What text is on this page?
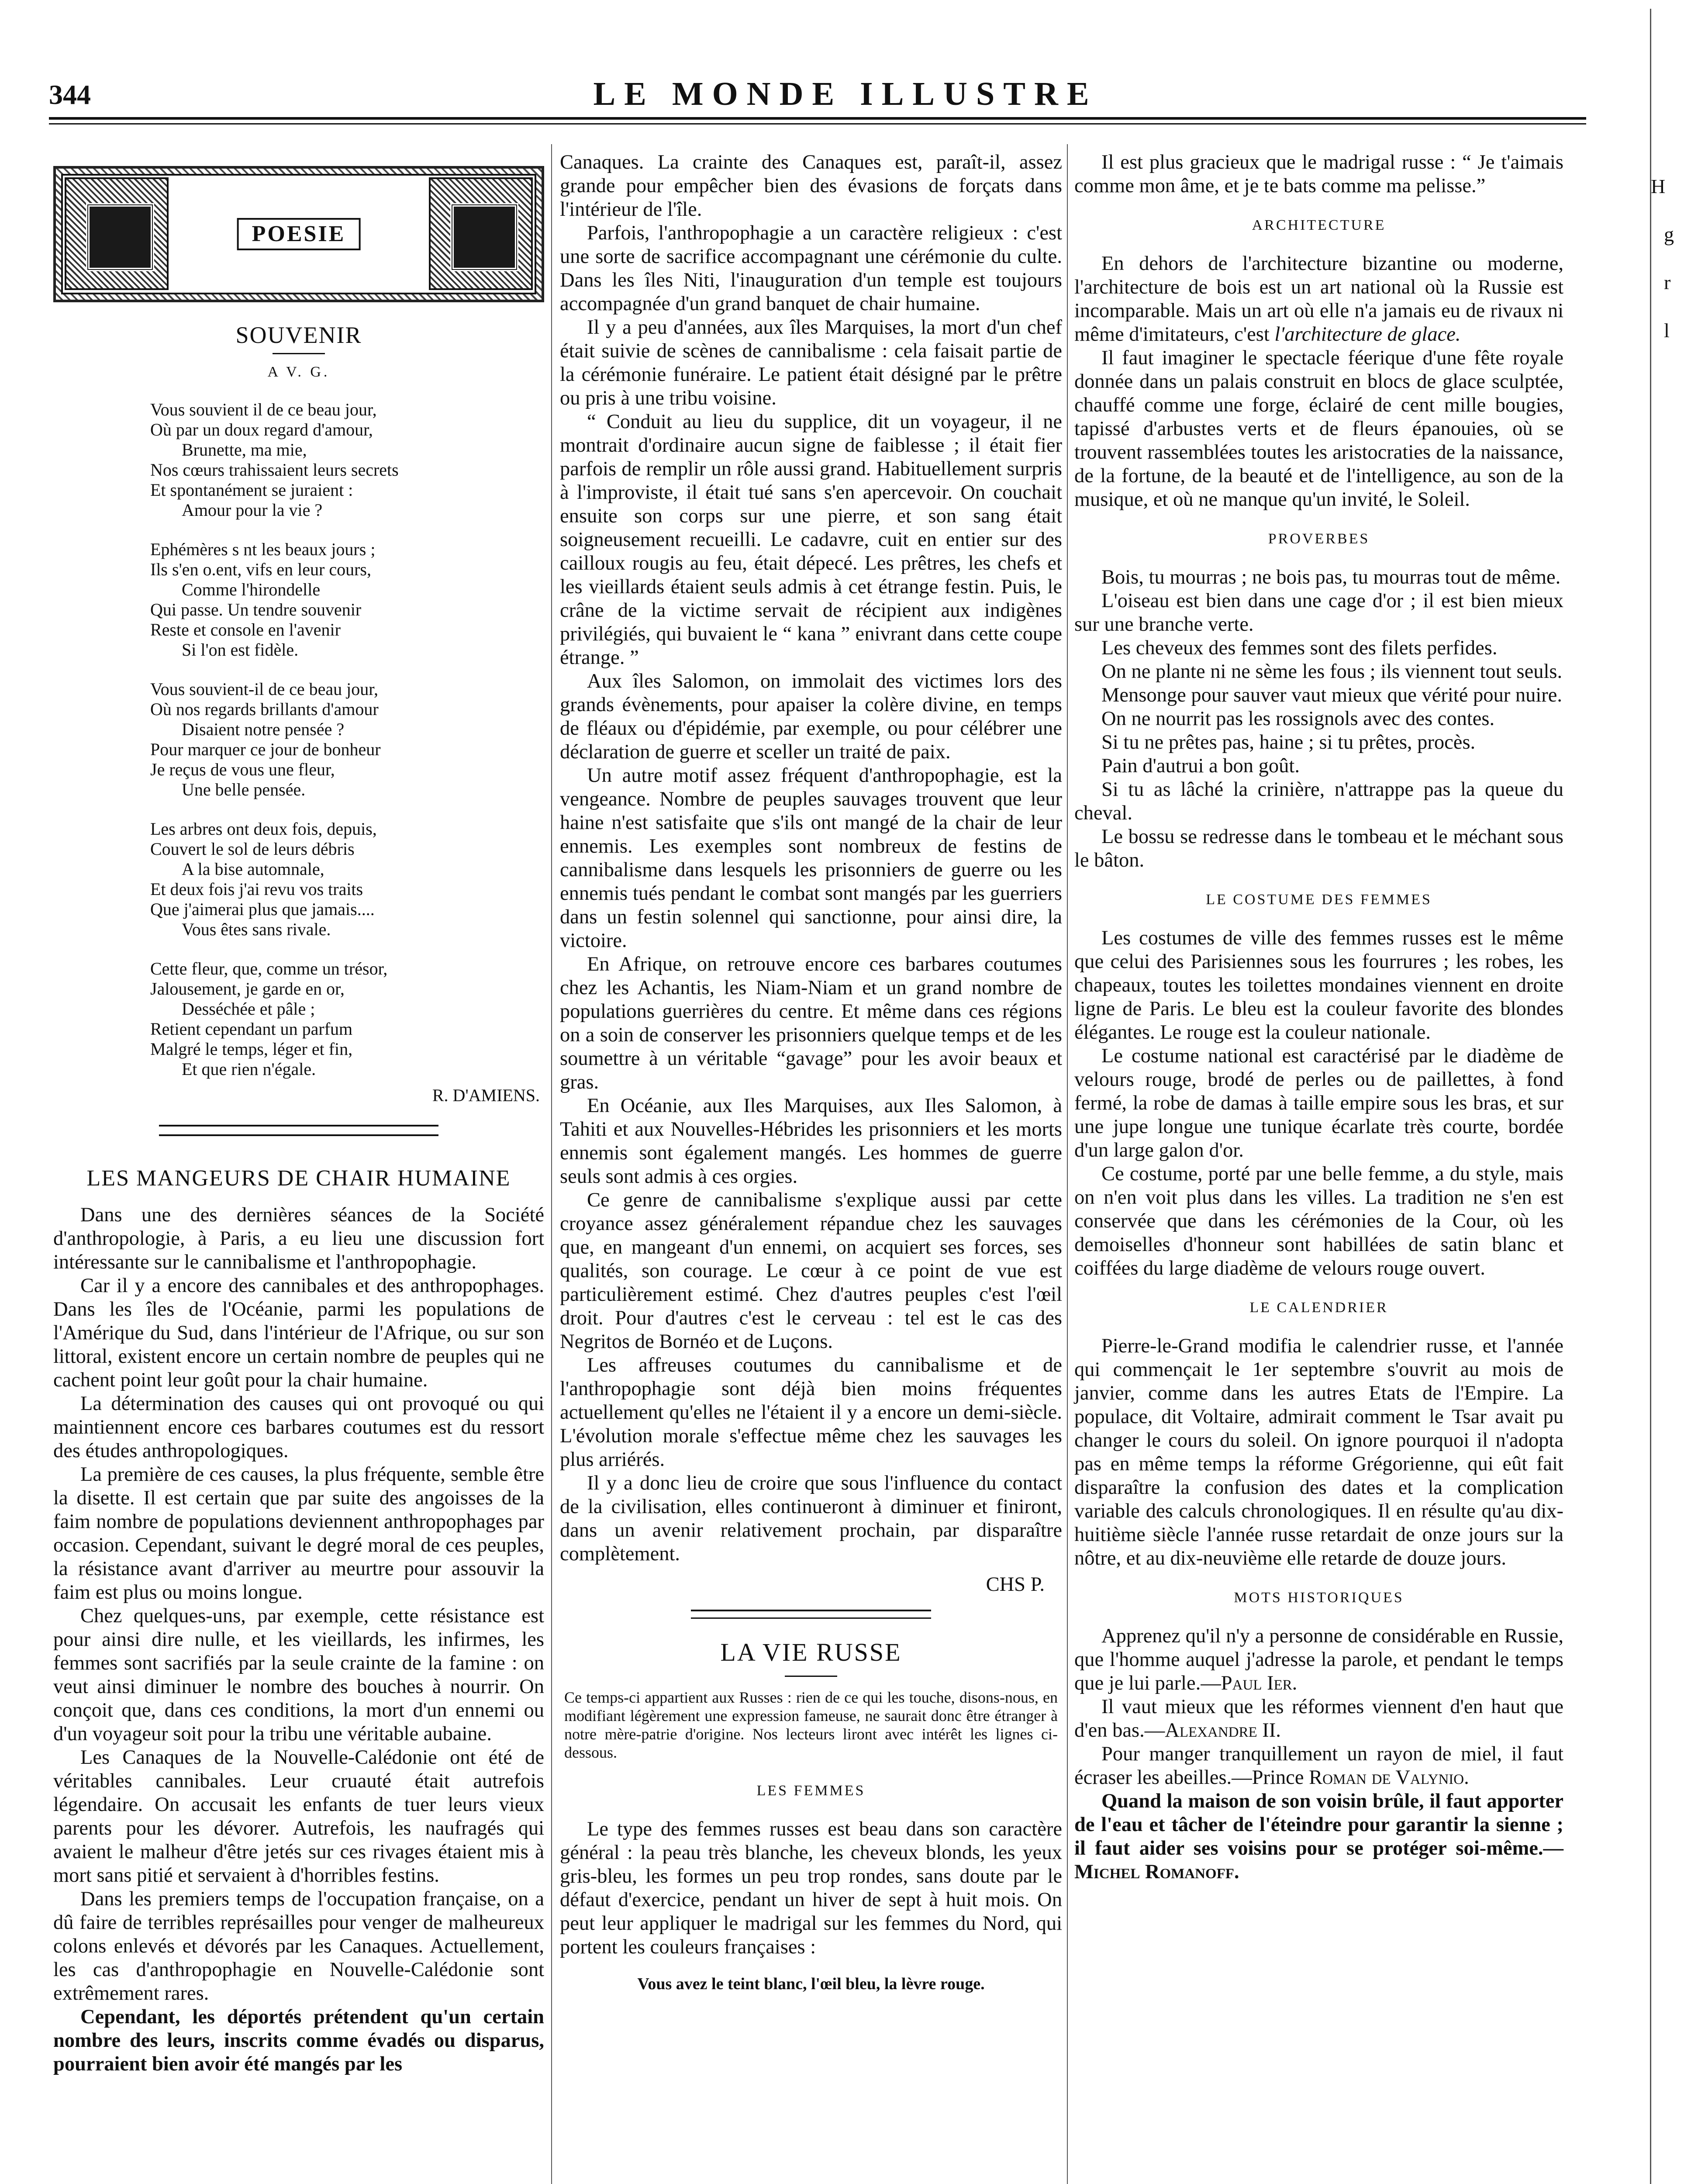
344	LE MONDE ILLUSTRE
POESIE
SOUVENIR
A V. G.
Vous souvient il de ce beau jour,
Où par un doux regard d'amour,
Brunette, ma mie,
Nos cœurs trahissaient leurs secrets
Et spontanément se juraient :
Amour pour la vie ?
Ephémères s nt les beaux jours ;
Ils s'en o.ent, vifs en leur cours,
Comme l'hirondelle
Qui passe. Un tendre souvenir
Reste et console en l'avenir
Si l'on est fidèle.
Vous souvient-il de ce beau jour,
Où nos regards brillants d'amour
Disaient notre pensée ?
Pour marquer ce jour de bonheur
Je reçus de vous une fleur,
Une belle pensée.
Les arbres ont deux fois, depuis,
Couvert le sol de leurs débris
A la bise automnale,
Et deux fois j'ai revu vos traits
Que j'aimerai plus que jamais....
Vous êtes sans rivale.
Cette fleur, que, comme un trésor,
Jalousement, je garde en or,
Desséchée et pâle ;
Retient cependant un parfum
Malgré le temps, léger et fin,
Et que rien n'égale.
R. D'AMIENS.
LES MANGEURS DE CHAIR HUMAINE

Dans une des dernières séances de la Société d'anthropologie, à Paris, a eu lieu une discussion fort intéressante sur le cannibalisme et l'anthropophagie.

Car il y a encore des cannibales et des anthropophages. Dans les îles de l'Océanie, parmi les populations de l'Amérique du Sud, dans l'intérieur de l'Afrique, ou sur son littoral, existent encore un certain nombre de peuples qui ne cachent point leur goût pour la chair humaine.

La détermination des causes qui ont provoqué ou qui maintiennent encore ces barbares coutumes est du ressort des études anthropologiques.

La première de ces causes, la plus fréquente, semble être la disette. Il est certain que par suite des angoisses de la faim nombre de populations deviennent anthropophages par occasion. Cependant, suivant le degré moral de ces peuples, la résistance avant d'arriver au meurtre pour assouvir la faim est plus ou moins longue.

Chez quelques-uns, par exemple, cette résistance est pour ainsi dire nulle, et les vieillards, les infirmes, les femmes sont sacrifiés par la seule crainte de la famine : on veut ainsi diminuer le nombre des bouches à nourrir. On conçoit que, dans ces conditions, la mort d'un ennemi ou d'un voyageur soit pour la tribu une véritable aubaine.

Les Canaques de la Nouvelle-Calédonie ont été de véritables cannibales. Leur cruauté était autrefois légendaire. On accusait les enfants de tuer leurs vieux parents pour les dévorer. Autrefois, les naufragés qui avaient le malheur d'être jetés sur ces rivages étaient mis à mort sans pitié et servaient à d'horribles festins.

Dans les premiers temps de l'occupation française, on a dû faire de terribles représailles pour venger de malheureux colons enlevés et dévorés par les Canaques. Actuellement, les cas d'anthropophagie en Nouvelle-Calédonie sont extrêmement rares.

Cependant, les déportés prétendent qu'un certain nombre des leurs, inscrits comme évadés ou disparus, pourraient bien avoir été mangés par les

Canaques. La crainte des Canaques est, paraît-il, assez grande pour empêcher bien des évasions de forçats dans l'intérieur de l'île.

Parfois, l'anthropophagie a un caractère religieux : c'est une sorte de sacrifice accompagnant une cérémonie du culte. Dans les îles Niti, l'inauguration d'un temple est toujours accompagnée d'un grand banquet de chair humaine.

Il y a peu d'années, aux îles Marquises, la mort d'un chef était suivie de scènes de cannibalisme : cela faisait partie de la cérémonie funéraire. Le patient était désigné par le prêtre ou pris à une tribu voisine.

“ Conduit au lieu du supplice, dit un voyageur, il ne montrait d'ordinaire aucun signe de faiblesse ; il était fier parfois de remplir un rôle aussi grand. Habituellement surpris à l'improviste, il était tué sans s'en apercevoir. On couchait ensuite son corps sur une pierre, et son sang était soigneusement recueilli. Le cadavre, cuit en entier sur des cailloux rougis au feu, était dépecé. Les prêtres, les chefs et les vieillards étaient seuls admis à cet étrange festin. Puis, le crâne de la victime servait de récipient aux indigènes privilégiés, qui buvaient le “ kana ” enivrant dans cette coupe étrange. ”

Aux îles Salomon, on immolait des victimes lors des grands évènements, pour apaiser la colère divine, en temps de fléaux ou d'épidémie, par exemple, ou pour célébrer une déclaration de guerre et sceller un traité de paix.

Un autre motif assez fréquent d'anthropophagie, est la vengeance. Nombre de peuples sauvages trouvent que leur haine n'est satisfaite que s'ils ont mangé de la chair de leur ennemis. Les exemples sont nombreux de festins de cannibalisme dans lesquels les prisonniers de guerre ou les ennemis tués pendant le combat sont mangés par les guerriers dans un festin solennel qui sanctionne, pour ainsi dire, la victoire.

En Afrique, on retrouve encore ces barbares coutumes chez les Achantis, les Niam-Niam et un grand nombre de populations guerrières du centre. Et même dans ces régions on a soin de conserver les prisonniers quelque temps et de les soumettre à un véritable “gavage” pour les avoir beaux et gras.

En Océanie, aux Iles Marquises, aux Iles Salomon, à Tahiti et aux Nouvelles-Hébrides les prisonniers et les morts ennemis sont également mangés. Les hommes de guerre seuls sont admis à ces orgies.

Ce genre de cannibalisme s'explique aussi par cette croyance assez généralement répandue chez les sauvages que, en mangeant d'un ennemi, on acquiert ses forces, ses qualités, son courage. Le cœur à ce point de vue est particulièrement estimé. Chez d'autres peuples c'est l'œil droit. Pour d'autres c'est le cerveau : tel est le cas des Negritos de Bornéo et de Luçons.

Les affreuses coutumes du cannibalisme et de l'anthropophagie sont déjà bien moins fréquentes actuellement qu'elles ne l'étaient il y a encore un demi-siècle. L'évolution morale s'effectue même chez les sauvages les plus arriérés.

Il y a donc lieu de croire que sous l'influence du contact de la civilisation, elles continueront à diminuer et finiront, dans un avenir relativement prochain, par disparaître complètement.

CHS P.
LA VIE RUSSE
Ce temps-ci appartient aux Russes : rien de ce qui les touche, disons-nous, en modifiant légèrement une expression fameuse, ne saurait donc être étranger à notre mère-patrie d'origine. Nos lecteurs liront avec intérêt les lignes ci-dessous.
LES FEMMES

Le type des femmes russes est beau dans son caractère général : la peau très blanche, les cheveux blonds, les yeux gris-bleu, les formes un peu trop rondes, sans doute par le défaut d'exercice, pendant un hiver de sept à huit mois. On peut leur appliquer le madrigal sur les femmes du Nord, qui portent les couleurs françaises :

Vous avez le teint blanc, l'œil bleu, la lèvre rouge.

Il est plus gracieux que le madrigal russe : “ Je t'aimais comme mon âme, et je te bats comme ma pelisse.”

ARCHITECTURE

En dehors de l'architecture bizantine ou moderne, l'architecture de bois est un art national où la Russie est incomparable. Mais un art où elle n'a jamais eu de rivaux ni même d'imitateurs, c'est l'architecture de glace.

Il faut imaginer le spectacle féerique d'une fête royale donnée dans un palais construit en blocs de glace sculptée, chauffé comme une forge, éclairé de cent mille bougies, tapissé d'arbustes verts et de fleurs épanouies, où se trouvent rassemblées toutes les aristocraties de la naissance, de la fortune, de la beauté et de l'intelligence, au son de la musique, et où ne manque qu'un invité, le Soleil.

PROVERBES

Bois, tu mourras ; ne bois pas, tu mourras tout de même.

L'oiseau est bien dans une cage d'or ; il est bien mieux sur une branche verte.

Les cheveux des femmes sont des filets perfides.

On ne plante ni ne sème les fous ; ils viennent tout seuls.

Mensonge pour sauver vaut mieux que vérité pour nuire.

On ne nourrit pas les rossignols avec des contes.

Si tu ne prêtes pas, haine ; si tu prêtes, procès.

Pain d'autrui a bon goût.

Si tu as lâché la crinière, n'attrappe pas la queue du cheval.

Le bossu se redresse dans le tombeau et le méchant sous le bâton.

LE COSTUME DES FEMMES

Les costumes de ville des femmes russes est le même que celui des Parisiennes sous les fourrures ; les robes, les chapeaux, toutes les toilettes mondaines viennent en droite ligne de Paris. Le bleu est la couleur favorite des blondes élégantes. Le rouge est la couleur nationale.

Le costume national est caractérisé par le diadème de velours rouge, brodé de perles ou de paillettes, à fond fermé, la robe de damas à taille empire sous les bras, et sur une jupe longue une tunique écarlate très courte, bordée d'un large galon d'or.

Ce costume, porté par une belle femme, a du style, mais on n'en voit plus dans les villes. La tradition ne s'en est conservée que dans les cérémonies de la Cour, où les demoiselles d'honneur sont habillées de satin blanc et coiffées du large diadème de velours rouge ouvert.

LE CALENDRIER

Pierre-le-Grand modifia le calendrier russe, et l'année qui commençait le 1er septembre s'ouvrit au mois de janvier, comme dans les autres Etats de l'Empire. La populace, dit Voltaire, admirait comment le Tsar avait pu changer le cours du soleil. On ignore pourquoi il n'adopta pas en même temps la réforme Grégorienne, qui eût fait disparaître la confusion des dates et la complication variable des calculs chronologiques. Il en résulte qu'au dix-huitième siècle l'année russe retardait de onze jours sur la nôtre, et au dix-neuvième elle retarde de douze jours.

MOTS HISTORIQUES

Apprenez qu'il n'y a personne de considérable en Russie, que l'homme auquel j'adresse la parole, et pendant le temps que je lui parle.—Paul Ier.

Il vaut mieux que les réformes viennent d'en haut que d'en bas.—Alexandre II.

Pour manger tranquillement un rayon de miel, il faut écraser les abeilles.—Prince Roman de Valynio.

Quand la maison de son voisin brûle, il faut apporter de l'eau et tâcher de l'éteindre pour garantir la sienne ; il faut aider ses voisins pour se protéger soi-même.—Michel Romanoff.

H
g
r
l
